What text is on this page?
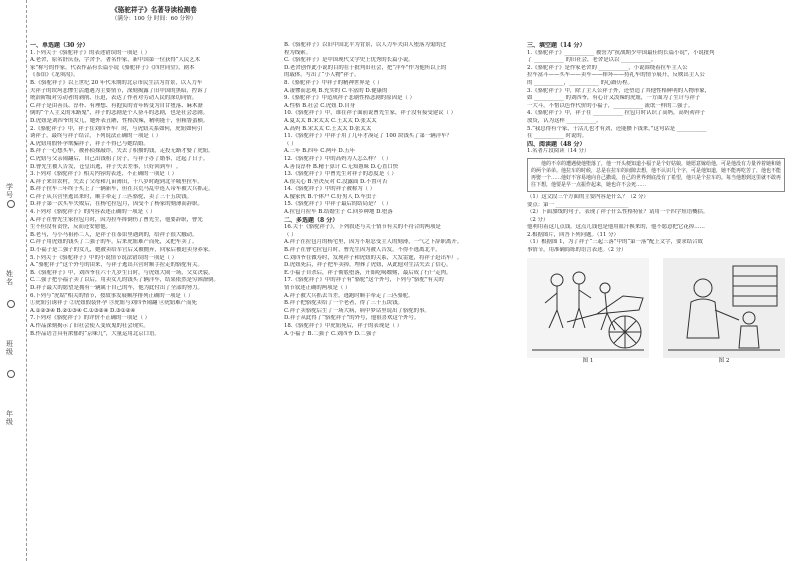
学号
姓名
班级
年级
《骆驼祥子》名著导读检测卷
（满分：100 分 时间：60 分钟）
一、单选题（30 分）
1.下列关于《骆驼祥子》的表述错误的一项是（ ）
A.老舍，原名舒庆春，字舍予。著名作家，新中国第一位获得“人民艺术
家”称号的作家。代表作品有长篇小说《骆驼祥子》《四世同堂》，剧本
《茶馆》《龙须沟》。
B.《骆驼祥子》以上世纪 20 年代末期的北京市民生活为背景，以人力车
夫祥子的坎坷悲惨生活遭遇为主要情节，深刻揭露了旧中国的黑暗，控诉了
统治阶级对劳动者的剥削、压迫，表达了作者对劳动人民的深切同情。
C.祥子是由善良、淳朴、有理想、有抱负的青年转变为自甘堕落、麻木潦
倒的“个人主义的末路鬼”，祥子的悲剧是个人奋斗的悲剧，也是社会悲剧。
D.虎妞是刘四爷的女儿，她外表丑陋，性格泼辣，精明能干，但粗鲁蛮横。
2.《骆驼祥子》中，祥子在刘四爷车厂时，与虎妞关系如何，虎妞如何引
诱祥子，最终与祥子结合，下列说法正确的一项是（ ）
A.虎妞用假怀孕欺骗祥子，祥子不得已与她结婚。
B.祥子一心想买车，被孙侦探敲诈，失去了积攒的钱，走投无路才娶了虎妞。
C.虎妞与父亲闹翻后，自己出钱租了房子，与祥子办了婚事，过起了日子。
D.曹先生被人告发，仓皇出逃，祥子失去差事，只好回到车厂。
3.下列对《骆驼祥子》相关内容的表述，不正确的一项是（ ）
A.祥子来自农村，失去了父母和几亩薄田，十八岁时跑到北平城里拉车。
B.祥子拉车三年终于买上了一辆新车，但在兵荒马乱中连人带车被大兵抓走。
C.祥子从兵营里逃出来时，顺手牵走了三匹骆驼，卖了三十五块钱。
D.祥子第一次买车失败后，在杨宅拉包月，因受不了杨家的刻薄而辞职。
4.下列对《骆驼祥子》的内容表述正确的一项是（ ）
A.祥子在曹先生家拉包月时，因为拉车摔倒伤了曹先生，他要辞职，曹先
生不但没有责怪，反而还安慰他。
B.老马，与小马祖孙二人，是祥子在茶馆里遇到的，给祥子很大触动。
C.祥子用虎妞的钱买了二强子的车，后来虎妞难产而死，又把车卖了。
D.小福子是二强子的女儿，她被卖给军官后又被抛弃，回家后被迫卖身养家。
5.下列关于《骆驼祥子》中的小说情节说法错误的一项是（ ）
A.“骆驼祥子”这个外号的由来，与祥子逃出兵营时顺手拉走的骆驼有关。
B.《骆驼祥子》中，刘四爷在六十九岁生日时，与虎妞大闹一场，父女决裂。
C.二强子把小福子卖了以后，用卖女儿的钱买了辆洋车，结果依然是穷困潦倒。
D.祥子最大的愿望是拥有一辆属于自己的车，他为此付出了全部的努力。
6.下列与“虎姑”相关的情节，按故事发展顺序排列正确的一项是（ ）
①虎妞引诱祥子 ②虎妞假装怀孕 ③虎妞与刘四爷闹翻 ④虎妞难产而死
A.①②③④ B.②①③④ C.①③②④ D.③①②④
7.下列对《骆驼祥子》的评价不正确的一项是（ ）
A.作品深刻揭示了旧社会使人变成鬼的社会现实。
B.作品语言具有浓郁的“京味儿”，大量运用北京口语。
B.《骆驼祥子》以旧中国北平为背景，以人力车夫由人堕落为鬼的过
程为线索。
C.《骆驼祥子》是中国现代文学史上优秀的长篇小说。
D.老舍创作此小说的目的在于批判旧社会，把“洋车”作为他所以上的
的载体，写出了“小人物”祥子。
8.《骆驼祥子》中祥子的精神世界是（ ）
A.凄惨而悲观 B.充实的 C.丰富的 D.健康的
9.《骆驼祥子》中造成祥子悲剧性格悲剧的原因是（ ）
A.性格 B.社会 C.虎妞 D.自身
10.《骆驼祥子》中，谁在祥子面前说曹先生家，祥子没有接受建议（ ）
A.夏太太 B.宋太太 C.王太太 D.张太太
A.高妈 B.宋太太 C.王太太 D.张太太
11.《骆驼祥子》中祥子用了几年才凑足了 100 块钱买了第一辆洋车？
（ ）
A.三年 B.四年 C.两年 D.五年
12.《骆驼祥子》中的高妈为人怎么样？（ ）
A.善良淳朴 B.精于算计 C.无知愚昧 D.心直口快
13.《骆驼祥子》中曹先生对祥子的态度是（ ）
A.很关心 B.坚决反对 C.没露面 D.不置可否
14.《骆驼祥子》中的祥子被称为（ ）
A.傻家伙 B.个体户 C.好男人 D.车虫子
15.《骆驼祥子》中祥子最后的结局是？（ ）
A.拉包月拉车 B.结婚生子 C.回乡种地 D.堕落
二、多选题（8 分）
16.关于《骆驼祥子》，下列叙述与关于情节有关的不符合的两项是
（ ）
A.祥子在拉包月的杨宅里，因为不堪忍受主人的刻薄，一气之下辞职离开。
B.祥子在曹宅拉包月时，曹先生因为被人告发，不得不逃离北平。
C.刘四爷在做寿时，发现祥子和虎妞的关系，大发雷霆，将祥子赶出车厂。
D.虎妞死后，祥子把车卖掉，埋葬了虎妞，从此他对生活失去了信心。
E.小福子自杀后，祥子彻底堕落，开始吃喝嫖赌，最后成了行尸走肉。
17.《骆驼祥子》中的祥子有“骆驼”这个外号，下列与“骆驼”有关的
情节叙述正确的两项是（ ）
A.祥子被大兵抓去当差，逃跑时顺手牵走了三匹骆驼。
B.祥子把骆驼卖给了一个老者，得了三十五块钱。
C.祥子卖骆驼后生了一场大病，病中梦话里说出了骆驼的事。
D.祥子从此得了“骆驼祥子”的外号，他很喜欢这个外号。
18.《骆驼祥子》中虎妞死后，祥子的表现是（ ）
A.小福子 B.二强子 C.刘四爷 D.二强子
三、填空题（14 分）
1.《骆驼祥子》___________ 被誉为“抗战期少中国最佳的长篇小说”，小说批判
了 ___________ 的旧社会，老舍是以以 ___________。
2.《骆驼祥子》是作家老舍的 ___________，小说围绕着拉车主人公
拉车富斗——买车——卖车——摔坏——持礼车的情节展开，反映出主人公
的 ___________，___________ 的心路历程。
3.《骆驼祥子》中，除了主人公祥子外，还塑造了其他性格鲜明的人物形象，
如 ___________ 的刘四爷，有心计又泼辣的虎妞，一方面为了生计与祥子
一大斗，不惜以色作代价的小福子，___________ 流氓一样的二强子。
4.《骆驼祥子》中，祥子在 ___________ 拉包月时认识了高妈，高妈劝祥子
放贷，认为这样 ___________。
5.“我总得有个家，干活儿也才有劲，还能攒下钱来。”这句话是 ___________
在 ___________ 时说的。
四、阅读题（48 分）
1.名著片段阅读（14 分）
　　他的不幸的遭遇使他堕落了，他一开头便知道小福子是个好姑娘，她愿意嫁给他，可是他没有力量养着她和她的两个弟弟。他拉车的时候，总是在拉车的间隙去想，他不认识几个字，可是他知道，她不能再吃苦了，他也不能再娶一个……他好不容易地向自己撒谎，自己的世界到底没有了希望，他只是个拉车的。每当他想到这里就不敢再往下想，他要是早一点振作起来，她也许不会死……
（1）这文段三个方面的主要内容是什么？（2 分）
要点：第一 ___________________________
（2）下面加线的句子，表现了祥子什么性格特征？请用一个四字短语概括。
（2 分）
他利用着这儿点钱，这点儿钱也是他用血汗换来的，他不愿意把它花掉……
2.根据图片，回答下列问题。（11 分）
（1）根据图 1，为了祥子“三起三落”中的“第一落”配上文字，要求结合故
事情节，用准确简练的语言表述。（2 分）
图 1	图 2
